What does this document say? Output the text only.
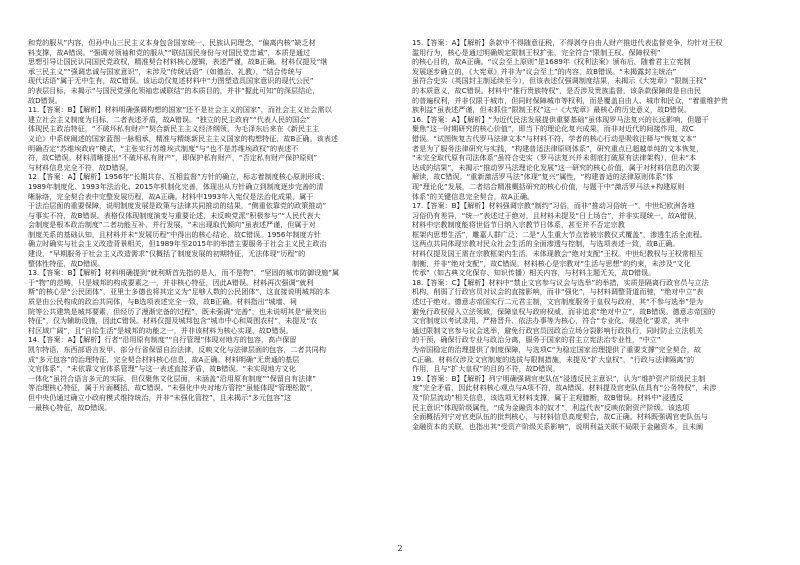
和党的服从”内容，但孙中山三民主义本身包含国家统一、民族认同理念，“偏离内核”缺乏材
料支撑，故A错误。“强调对领袖和党的服从”“联结国民身份与对国民党忠诚”，本质是通过
思想引导让国民认同国民党政权，精准契合材料核心逻辑，表述严谨，故B正确。材料仅提及“继
承三民主义”“强调忠诚与国家意识”，未涉及“传统话语”（如德治、礼教），“结合传统与
现代话语”属于无中生有，故C错误。该运动仅复述材料中“力图塑造具国家意识的现代公民”
的表层目标，未揭示“与国民党强化领袖忠诚联结”的本质目的，并非“握此可知”的深层结论，
故D错误。
11.【答案：B】【解析】材料明确强调构想的国家“还不是社会主义的国家”，而社会主义社会需以
建立社会主义制度为目标，二者表述矛盾，故A错误。“独立的民主政府”“代表人民的国会”
体现民主政治特征，“不破坏私有财产”契合新民主主义经济纲领，为毛泽东后来在《新民主主
义论》中系统阐述的国家蓝图一脉相承，精准与精练新民主主义国家的构想特征，故B正确。该表述
明确否定“苏维埃政府”模式，“主张实行苏维埃式制度”与“也不是苏维埃政权”的表述不
符，故C错误。材料清晰提出“不破坏私有财产”，即保护私有财产，“否定私有财产保护原则”
与材料信息完全不符，故D错误。
12.【答案：A】【解析】1956年“长期共存、互相监督”方针的确立，标志着制度核心原则形成；
1989年制度化、1993年法治化、2015年机制化完善，体现出从方针确立到制度逐步完善的清
晰脉络，完全契合表中完整发展历程，故A正确。材料中1993年入宪仅是法治化成果，属于
于法治层面的重要保障，说明制度发展是政策与法律共同推动的结果，“侧重依靠党的政策推动”
与事实不符，故B错误。表格仅体现制度演变与重要论述，未反映党派“积极参与”“人民代表大
会制度是根本政治制度”二者功能互补、并行发展，“未出现取代倾向”虽表述严谨，但属于对
制度关系的基础认知，且材料并未“发展历程”中得出的核心结论，故C错误。1956年制度方针
确立时确实与社会主义改造背景相关，但1989年至2015年的举措主要服务于社会主义民主政治
建设，“早期服务于社会主义改造需求”仅概括了制度发展的初期特征，无法体现“历程”的
整体性特征，故D错误。
13.【答案：B】【解析】材料明确提到“就利斯首先指的是人，而不是物”，“坚固的城市防御设施”属
于“物”的范畴，只是城邦的构成要素之一，并非核心特征，因此A错误。材料再次强调“就利
斯”的核心是“公民团体”，亚里士多德也将其定义为“足够人数的公民团体”，这直接说明城邦的本
质是由公民构成的政治共同体，与B选项表述完全一致，故B正确。材料指出“城墙、祠
院等公共建筑是城邦要素，但经历了漫渐完备的过程”，既未强调“完善”，也未说明其是“最突出
特征”，仅为辅助设施，因此C错误。材料仅提及城邦包含“城市中心和周围农村”，未提及“农
村区域广阔”，且“自给生活”是城邦的功能之一，并非该材料为核心实现，故D错误。
14.【答案：A】【解析】行者“沿用原有制度”“自行管理”体现对地方的包容，高卢保留
凯尔特语，东西部语言发甲、部分行省保留自治法律，反映文化与法律层面的包容，二者共同构
成“多元包容”的治理特征，完全契合材料核心信息，故A正确。材料明确“无贵通的基层
文官体系”，“未依靠文官体系管理”与这一表述直接矛盾，故B错误。“未实现地方文化
一体化”虽符合语言多元的实际，但仅聚焦文化层面，未涵盖“沿用原有制度”“保留自有法律”
等治理核心特征，属于片面概括，故C错误。“未强化中央对地方管控”虽能体现“管理松散”，
但中央仍通过确立小政府模式维持统治，并非“未强化管控”，且未揭示“多元包容”这
一最核心特征，故D错误。
15.【答案：A】【解析】条款中不得随意征税，不得剥夺自由人财产推进代表监督竞争，均针对王权
滥用行为，核心是通过明确规定限制王权扩张，完全符合“限制王权、保障权利”
的核心目的，故A正确。“议会至上原则”是1689年《权利法案》颁布后，随着君主立宪制
发展逐步确立的，《大宪章》并非为“议会至上”的内容，故B错误。“未揭露封主统治”
虽符合史实（英国封主制延续至今），但该表述仅强调制度结果，未揭示《大宪章》“限制王权”
的本质意义，故C错误。材料中“推行贵族特权”，是否涉及贵族监督，该条款保障的是自由民
的普遍权利，并非仅限于城市，但同时保障城市等权利，而是覆盖自由人、城市和民众，“着重维护贵
族利益”虽表述严谨，但未抓住“限制王权”这一《大宪章》最核心的历史意义，故D错误。
16.【答案：A】【解析】“为近代民法发展提供重要基础”虽体现罗马法复兴的长远影响，但题干
聚焦“这一时期研究的核心价值”，即当下的理论化复兴成果，而非对近代的间接作用，故C
错误。“试图恢复古代罗马法律文本”与材料不符，学者的核心行动是吸收注释与“恢复文本”
者是为了服务法律研究与实践，“构建普适法律原则体系”，研究重点已超越单纯的文本恢复，
“未完全取代原有司法体系”虽符合史实（罗马法复兴并未彻底打破原有法律架构），但未“本
达成的结果”，未揭示“推动罗马法理论化发展”这一研究的核心价值，属于对材料信息的次要
解读，故C错误。“重新激活罗马法”体现“复兴”属性，“构建普适的法律原则体系”体
现“理论化”发展，二者结合精准概括研究的核心价值，与题干中“激活罗马法+构建原则
体系”的关键信息完全契合，故A正确。
17.【答案：B】【解析】材料强调宗教“制约”习俗，而非“推动习俗统一”，中世纪欧洲各地
习俗仍有差异，“统一”表述过于绝对，且材料未提及“日上场合”，并非实现统一，故A错误，
材料中宗教制度能将世俗节日纳入宗教节日体系，甚至并不否定宗教
框架内思想生活”，雕嘉人群广泛；二是“人生重大节点皆被宗教仪式覆盖”，渗透生活全流程。
这两点共同体现宗教对民众社会生活的全面渗透与控制，与选项表述一致，故B正确。
材料仅提及国王需在宗教框架内生活，未体现教会“绝对支配”王权。中世纪教权与王权常相互
制衡，并非“绝对支配”，故C错误。材料核心是宗教对“生活与思想”的约束，未涉及“文化
传承”（如古典文化保存、知识传播）相关内容，与材料主题无关，故D错误。
18.【答案：C】【解析】材料中“禁止文官参与议会与选举”的举措，实质是隔离行政官员与立法
机构，削弱了行政官员对议会的直接影响，而非“强化”，与材料调整背道而驰，“绝对中立”表
述过于绝对。德意志帝国实行二元君主制，文官制度服务于皇权与政府，其“不参与选举”是为
避免行政权侵入立法领域，保障皇权与政府权威，而非追求“绝对中立”，故B错误。德意志帝国的
文官制度以考试录用、严格晋升、依法办事等为核心，符合“专业化、规范化”要求，其中
通过限制文官参与议会选举，避免行政官员因政治立场分裂影响行政执行，同时防止立法机关
的干预，确保行政专业与政治分离，服务于国家的君主立宪法治专业性，“中立”
为帝国稳定的治理提供了制度保障，与选项C“为稳定国家治理提供了重要支撑”完全契合，故
C正确。材料仅涉及文官制度的选拔与限制措施，未提及“扩大皇权”，“行政与法律隔离”的
作用，且与“扩大皇权”的目的不符，故D错误。
19.【答案：B】【解析】列宁明确强调官吏队伍“浸透反民主意识”，认为“维护资产阶级民主制
度”完全矛盾，因此材料核心观点与A项不符，故A错误。材料提及官吏队伍具有“公务特权”，未涉
及“阶层流动”相关信息，该选项无材料支撑，属于主观臆断，故B错误。材料中“浸透反
民主意识”体现阶级属性，“成为金融资本的奴才”，利益代表”反映依附资产阶级。该选项
全面概括列宁对官吏队伍的批判核心，与材料信息高度契合，故C正确。材料既强调官吏队伍与
金融资本的关联，也指出其“受资产阶级关系影响”，说明利益关联不局限于金融资本，且未阐
2
